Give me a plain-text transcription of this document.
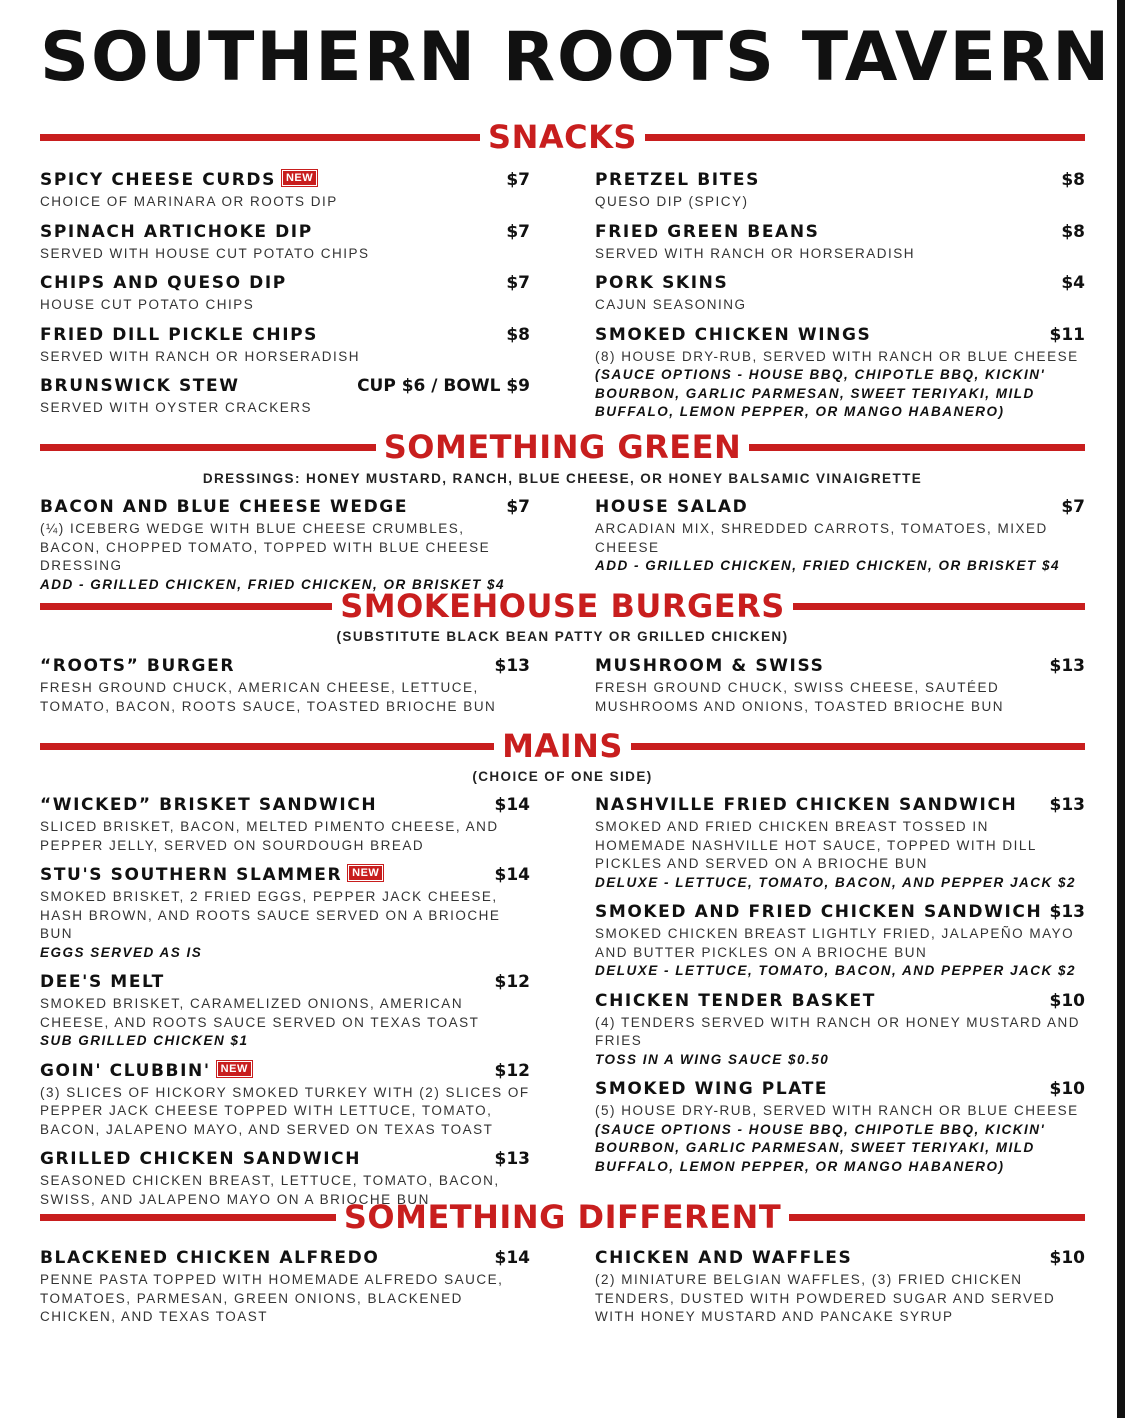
SOUTHERN ROOTS TAVERN
SNACKS
SPICY CHEESE CURDS NEW	$7
CHOICE OF MARINARA OR ROOTS DIP
SPINACH ARTICHOKE DIP	$7
SERVED WITH HOUSE CUT POTATO CHIPS
CHIPS AND QUESO DIP	$7
HOUSE CUT POTATO CHIPS
FRIED DILL PICKLE CHIPS	$8
SERVED WITH RANCH OR HORSERADISH
BRUNSWICK STEW	CUP $6 / BOWL $9
SERVED WITH OYSTER CRACKERS
PRETZEL BITES	$8
QUESO DIP (SPICY)
FRIED GREEN BEANS	$8
SERVED WITH RANCH OR HORSERADISH
PORK SKINS	$4
CAJUN SEASONING
SMOKED CHICKEN WINGS	$11
(8) HOUSE DRY-RUB, SERVED WITH RANCH OR BLUE CHEESE
(SAUCE OPTIONS - HOUSE BBQ, CHIPOTLE BBQ, KICKIN' BOURBON, GARLIC PARMESAN, SWEET TERIYAKI, MILD BUFFALO, LEMON PEPPER, OR MANGO HABANERO)
SOMETHING GREEN
DRESSINGS: HONEY MUSTARD, RANCH, BLUE CHEESE, OR HONEY BALSAMIC VINAIGRETTE
BACON AND BLUE CHEESE WEDGE	$7
(¼) ICEBERG WEDGE WITH BLUE CHEESE CRUMBLES, BACON, CHOPPED TOMATO, TOPPED WITH BLUE CHEESE DRESSING
ADD - GRILLED CHICKEN, FRIED CHICKEN, OR BRISKET $4
HOUSE SALAD	$7
ARCADIAN MIX, SHREDDED CARROTS, TOMATOES, MIXED CHEESE
ADD - GRILLED CHICKEN, FRIED CHICKEN, OR BRISKET $4
SMOKEHOUSE BURGERS
(SUBSTITUTE BLACK BEAN PATTY OR GRILLED CHICKEN)
“ROOTS” BURGER	$13
FRESH GROUND CHUCK, AMERICAN CHEESE, LETTUCE, TOMATO, BACON, ROOTS SAUCE, TOASTED BRIOCHE BUN
MUSHROOM & SWISS	$13
FRESH GROUND CHUCK, SWISS CHEESE, SAUTÉED MUSHROOMS AND ONIONS, TOASTED BRIOCHE BUN
MAINS
(CHOICE OF ONE SIDE)
“WICKED” BRISKET SANDWICH	$14
SLICED BRISKET, BACON, MELTED PIMENTO CHEESE, AND PEPPER JELLY, SERVED ON SOURDOUGH BREAD
STU'S SOUTHERN SLAMMER NEW	$14
SMOKED BRISKET, 2 FRIED EGGS, PEPPER JACK CHEESE, HASH BROWN, AND ROOTS SAUCE SERVED ON A BRIOCHE BUN
EGGS SERVED AS IS
DEE'S MELT	$12
SMOKED BRISKET, CARAMELIZED ONIONS, AMERICAN CHEESE, AND ROOTS SAUCE SERVED ON TEXAS TOAST
SUB GRILLED CHICKEN $1
GOIN' CLUBBIN' NEW	$12
(3) SLICES OF HICKORY SMOKED TURKEY WITH (2) SLICES OF PEPPER JACK CHEESE TOPPED WITH LETTUCE, TOMATO, BACON, JALAPENO MAYO, AND SERVED ON TEXAS TOAST
GRILLED CHICKEN SANDWICH	$13
SEASONED CHICKEN BREAST, LETTUCE, TOMATO, BACON, SWISS, AND JALAPENO MAYO ON A BRIOCHE BUN
NASHVILLE FRIED CHICKEN SANDWICH $13
SMOKED AND FRIED CHICKEN BREAST TOSSED IN HOMEMADE NASHVILLE HOT SAUCE, TOPPED WITH DILL PICKLES AND SERVED ON A BRIOCHE BUN
DELUXE - LETTUCE, TOMATO, BACON, AND PEPPER JACK $2
SMOKED AND FRIED CHICKEN SANDWICH $13
SMOKED CHICKEN BREAST LIGHTLY FRIED, JALAPEÑO MAYO AND BUTTER PICKLES ON A BRIOCHE BUN
DELUXE - LETTUCE, TOMATO, BACON, AND PEPPER JACK $2
CHICKEN TENDER BASKET	$10
(4) TENDERS SERVED WITH RANCH OR HONEY MUSTARD AND FRIES
TOSS IN A WING SAUCE $0.50
SMOKED WING PLATE	$10
(5) HOUSE DRY-RUB, SERVED WITH RANCH OR BLUE CHEESE
(SAUCE OPTIONS - HOUSE BBQ, CHIPOTLE BBQ, KICKIN' BOURBON, GARLIC PARMESAN, SWEET TERIYAKI, MILD BUFFALO, LEMON PEPPER, OR MANGO HABANERO)
SOMETHING DIFFERENT
BLACKENED CHICKEN ALFREDO	$14
PENNE PASTA TOPPED WITH HOMEMADE ALFREDO SAUCE, TOMATOES, PARMESAN, GREEN ONIONS, BLACKENED CHICKEN, AND TEXAS TOAST
CHICKEN AND WAFFLES	$10
(2) MINIATURE BELGIAN WAFFLES, (3) FRIED CHICKEN TENDERS, DUSTED WITH POWDERED SUGAR AND SERVED WITH HONEY MUSTARD AND PANCAKE SYRUP
